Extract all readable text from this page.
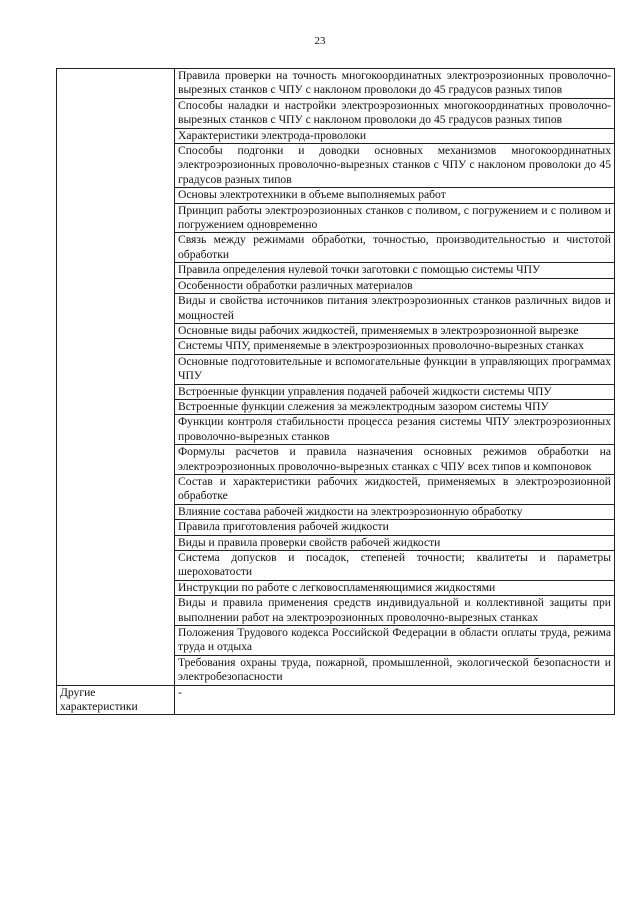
23
	Правила проверки на точность многокоординатных электроэрозионных проволочно-вырезных станков с ЧПУ с наклоном проволоки до 45 градусов разных типов
	Способы наладки и настройки электроэрозионных многокоординатных проволочно-вырезных станков с ЧПУ с наклоном проволоки до 45 градусов разных типов
	Характеристики электрода-проволоки
	Способы подгонки и доводки основных механизмов многокоординатных электроэрозионных проволочно-вырезных станков с ЧПУ с наклоном проволоки до 45 градусов разных типов
	Основы электротехники в объеме выполняемых работ
	Принцип работы электроэрозионных станков с поливом, с погружением и с поливом и погружением одновременно
	Связь между режимами обработки, точностью, производительностью и чистотой обработки
	Правила определения нулевой точки заготовки с помощью системы ЧПУ
	Особенности обработки различных материалов
	Виды и свойства источников питания электроэрозионных станков различных видов и мощностей
	Основные виды рабочих жидкостей, применяемых в электроэрозионной вырезке
	Системы ЧПУ, применяемые в электроэрозионных проволочно-вырезных станках
	Основные подготовительные и вспомогательные функции в управляющих программах ЧПУ
	Встроенные функции управления подачей рабочей жидкости системы ЧПУ
	Встроенные функции слежения за межэлектродным зазором системы ЧПУ
	Функции контроля стабильности процесса резания системы ЧПУ электроэрозионных проволочно-вырезных станков
	Формулы расчетов и правила назначения основных режимов обработки на электроэрозионных проволочно-вырезных станках с ЧПУ всех типов и компоновок
	Состав и характеристики рабочих жидкостей, применяемых в электроэрозионной обработке
	Влияние состава рабочей жидкости на электроэрозионную обработку
	Правила приготовления рабочей жидкости
	Виды и правила проверки свойств рабочей жидкости
	Система допусков и посадок, степеней точности; квалитеты и параметры шероховатости
	Инструкции по работе с легковоспламеняющимися жидкостями
	Виды и правила применения средств индивидуальной и коллективной защиты при выполнении работ на электроэрозионных проволочно-вырезных станках
	Положения Трудового кодекса Российской Федерации в области оплаты труда, режима труда и отдыха
	Требования охраны труда, пожарной, промышленной, экологической безопасности и электробезопасности
Другие характеристики	-
